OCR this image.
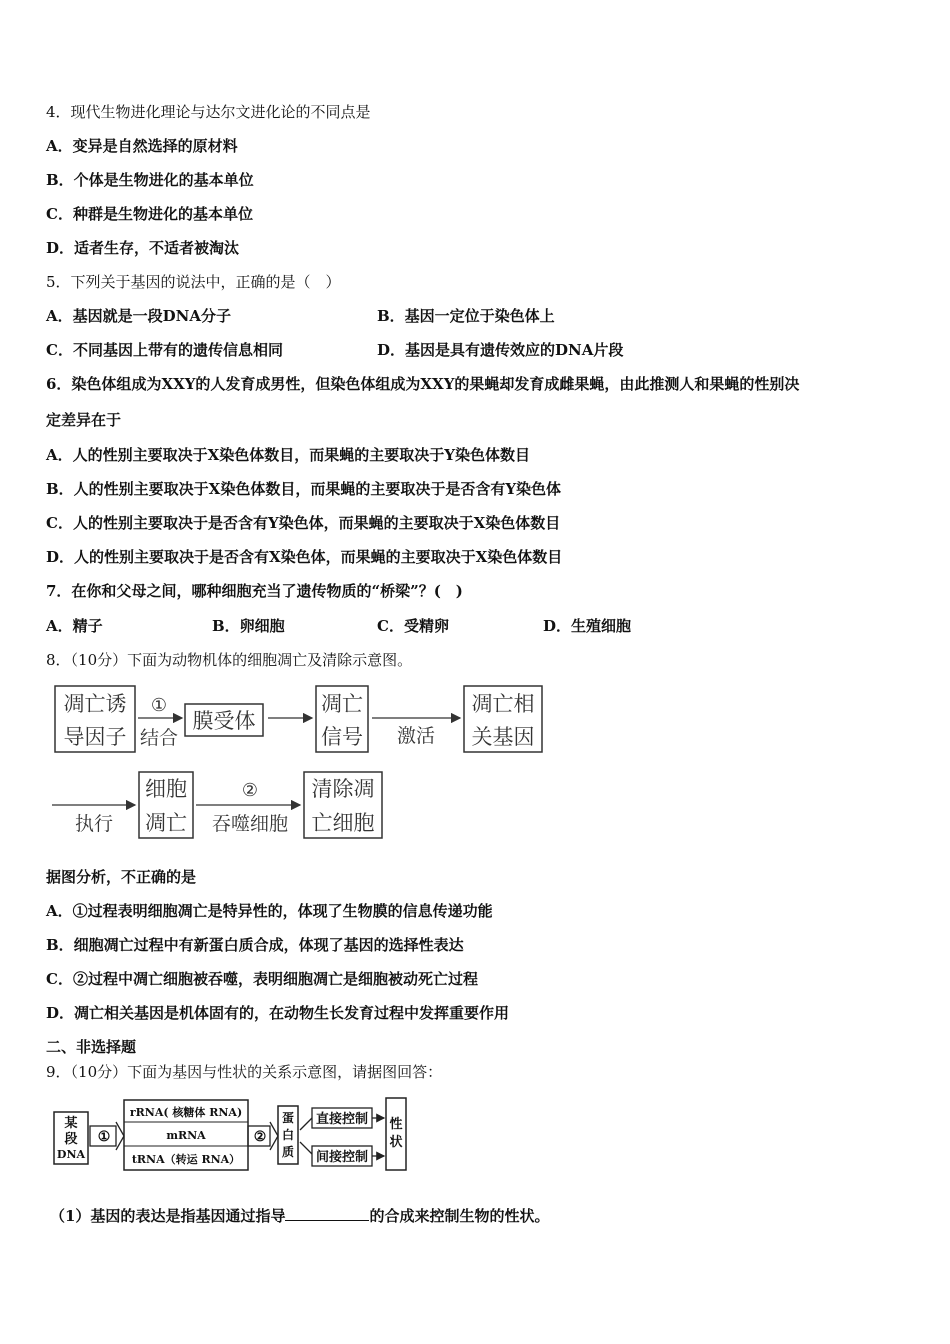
4．现代生物进化理论与达尔文进化论的不同点是
A．变异是自然选择的原材料
B．个体是生物进化的基本单位
C．种群是生物进化的基本单位
D．适者生存，不适者被淘汰
5．下列关于基因的说法中，正确的是（　）
A．基因就是一段DNA分子	B．基因一定位于染色体上
C．不同基因上带有的遗传信息相同	D．基因是具有遗传效应的DNA片段
6．染色体组成为XXY的人发育成男性，但染色体组成为XXY的果蝇却发育成雌果蝇，由此推测人和果蝇的性别决
定差异在于
A．人的性别主要取决于X染色体数目，而果蝇的主要取决于Y染色体数目
B．人的性别主要取决于X染色体数目，而果蝇的主要取决于是否含有Y染色体
C．人的性别主要取决于是否含有Y染色体，而果蝇的主要取决于X染色体数目
D．人的性别主要取决于是否含有X染色体，而果蝇的主要取决于X染色体数目
7．在你和父母之间，哪种细胞充当了遗传物质的“桥梁”？(　)
A．精子	B．卵细胞	C．受精卵	D．生殖细胞
8．（10分）下面为动物机体的细胞凋亡及清除示意图。
凋亡诱
导因子
①
结合
膜受体
凋亡
信号 激活
凋亡相
关基因
执行
细胞
凋亡
②
吞噬细胞
清除凋
亡细胞
据图分析，不正确的是
A．①过程表明细胞凋亡是特异性的，体现了生物膜的信息传递功能
B．细胞凋亡过程中有新蛋白质合成，体现了基因的选择性表达
C．②过程中凋亡细胞被吞噬，表明细胞凋亡是细胞被动死亡过程
D．凋亡相关基因是机体固有的，在动物生长发育过程中发挥重要作用
二、非选择题
9．（10分）下面为基因与性状的关系示意图，请据图回答：
某
段
DNA
①
rRNA( 核糖体 RNA)
mRNA
tRNA（转运 RNA）
②
蛋
白
质
直接控制
间接控制
性
状
（1）基因的表达是指基因通过指导	的合成来控制生物的性状。
